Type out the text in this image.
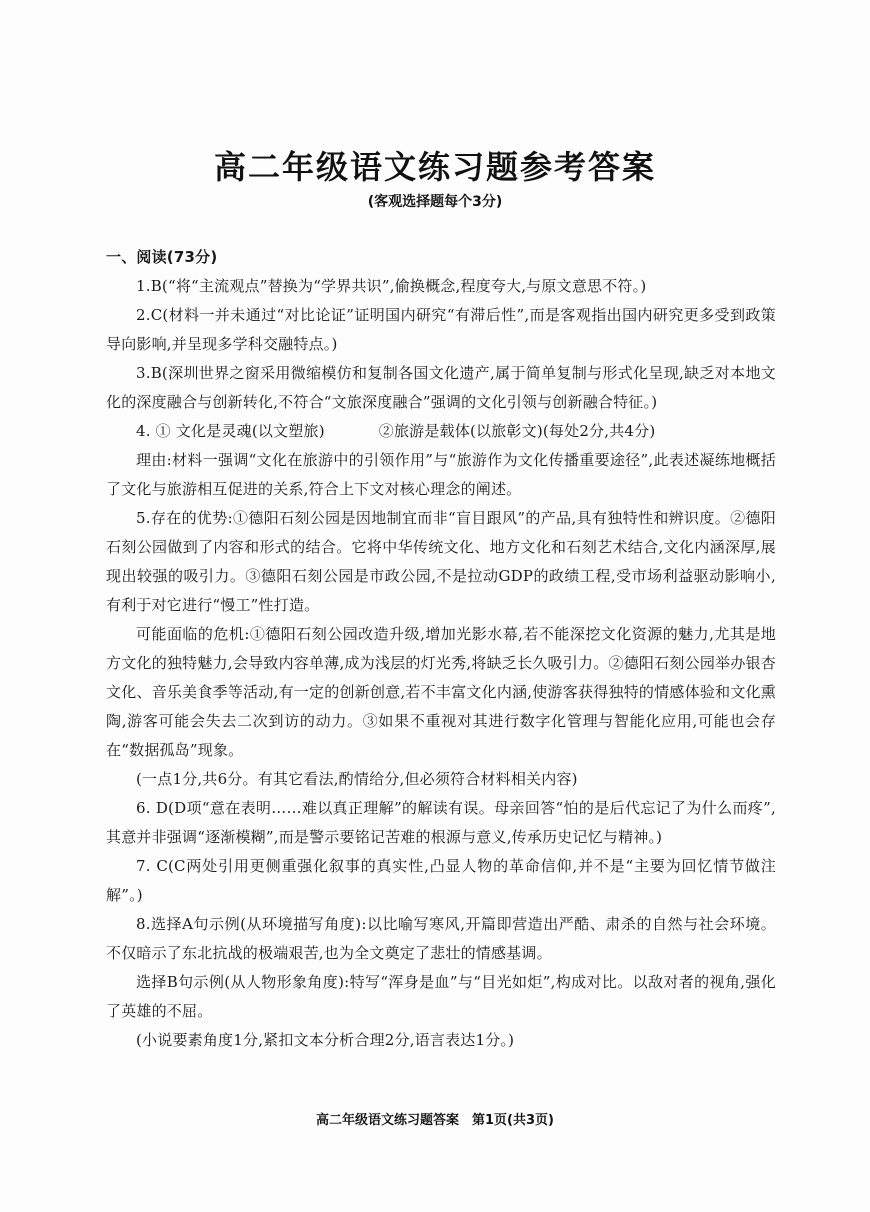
高二年级语文练习题参考答案
(客观选择题每个3分)

一、阅读(73分)

1.B(“将“主流观点”替换为“学界共识”,偷换概念,程度夸大,与原文意思不符。)

2.C(材料一并未通过“对比论证”证明国内研究“有滞后性”,而是客观指出国内研究更多受到政策导向影响,并呈现多学科交融特点。)

3.B(深圳世界之窗采用微缩模仿和复制各国文化遗产,属于简单复制与形式化呈现,缺乏对本地文化的深度融合与创新转化,不符合“文旅深度融合”强调的文化引领与创新融合特征。)

4. ① 文化是灵魂(以文塑旅)	②旅游是载体(以旅彰文)(每处2分,共4分)

理由:材料一强调“文化在旅游中的引领作用”与“旅游作为文化传播重要途径”,此表述凝练地概括了文化与旅游相互促进的关系,符合上下文对核心理念的阐述。

5.存在的优势:①德阳石刻公园是因地制宜而非“盲目跟风”的产品,具有独特性和辨识度。②德阳石刻公园做到了内容和形式的结合。它将中华传统文化、地方文化和石刻艺术结合,文化内涵深厚,展现出较强的吸引力。③德阳石刻公园是市政公园,不是拉动GDP的政绩工程,受市场利益驱动影响小,有利于对它进行“慢工”性打造。

可能面临的危机:①德阳石刻公园改造升级,增加光影水幕,若不能深挖文化资源的魅力,尤其是地方文化的独特魅力,会导致内容单薄,成为浅层的灯光秀,将缺乏长久吸引力。②德阳石刻公园举办银杏文化、音乐美食季等活动,有一定的创新创意,若不丰富文化内涵,使游客获得独特的情感体验和文化熏陶,游客可能会失去二次到访的动力。③如果不重视对其进行数字化管理与智能化应用,可能也会存在“数据孤岛”现象。

(一点1分,共6分。有其它看法,酌情给分,但必须符合材料相关内容)

6. D(D项“意在表明……难以真正理解”的解读有误。母亲回答“怕的是后代忘记了为什么而疼”,其意并非强调“逐渐模糊”,而是警示要铭记苦难的根源与意义,传承历史记忆与精神。)

7. C(C两处引用更侧重强化叙事的真实性,凸显人物的革命信仰,并不是“主要为回忆情节做注解”。)

8.选择A句示例(从环境描写角度):以比喻写寒风,开篇即营造出严酷、肃杀的自然与社会环境。不仅暗示了东北抗战的极端艰苦,也为全文奠定了悲壮的情感基调。

选择B句示例(从人物形象角度):特写“浑身是血”与“目光如炬”,构成对比。以敌对者的视角,强化了英雄的不屈。

(小说要素角度1分,紧扣文本分析合理2分,语言表达1分。)

高二年级语文练习题答案　第1页(共3页)
